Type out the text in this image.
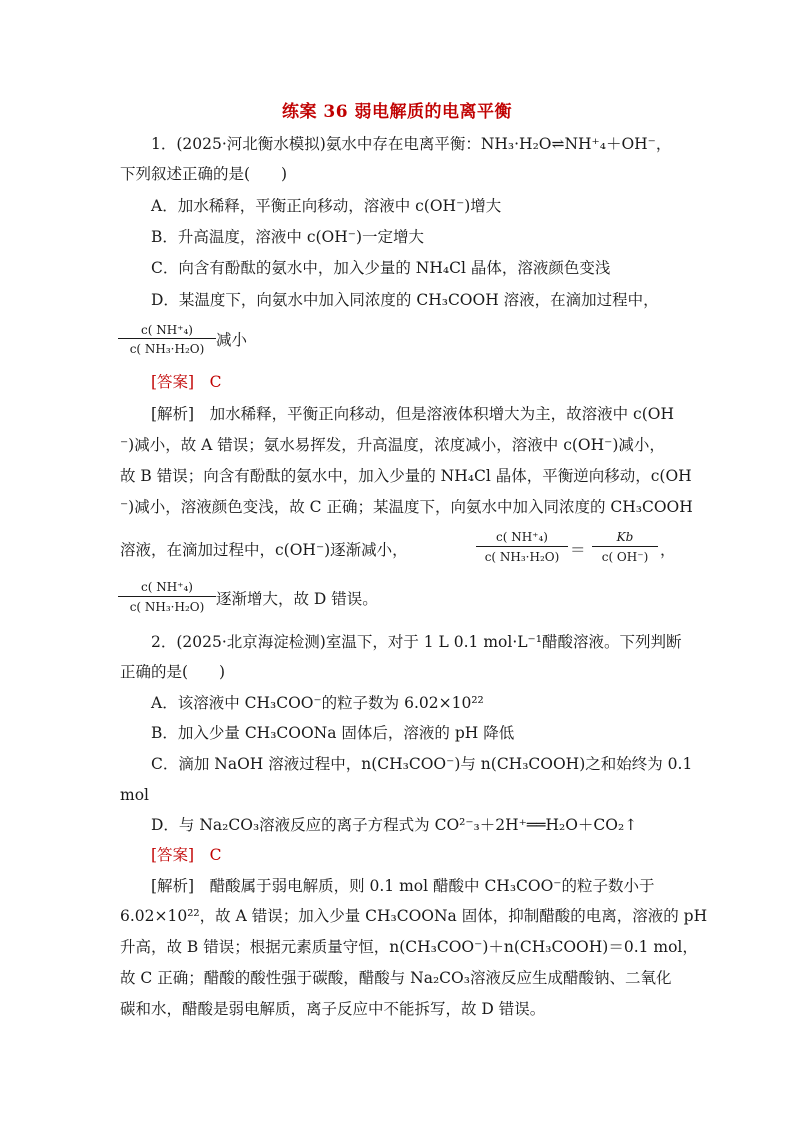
练案 36 弱电解质的电离平衡
1．(2025·河北衡水模拟)氨水中存在电离平衡：NH₃·H₂O⇌NH⁺₄＋OH⁻，
下列叙述正确的是(　　)
A．加水稀释，平衡正向移动，溶液中 c(OH⁻)增大
B．升高温度，溶液中 c(OH⁻)一定增大
C．向含有酚酞的氨水中，加入少量的 NH₄Cl 晶体，溶液颜色变浅
D．某温度下，向氨水中加入同浓度的 CH₃COOH 溶液，在滴加过程中，
c( NH⁺₄)
c( NH₃·H₂O) 减小
[答案]　C
[解析]　加水稀释，平衡正向移动，但是溶液体积增大为主，故溶液中 c(OH
⁻)减小，故 A 错误；氨水易挥发，升高温度，浓度减小，溶液中 c(OH⁻)减小，
故 B 错误；向含有酚酞的氨水中，加入少量的 NH₄Cl 晶体，平衡逆向移动，c(OH
⁻)减小，溶液颜色变浅，故 C 正确；某温度下，向氨水中加入同浓度的 CH₃COOH
溶液，在滴加过程中，c(OH⁻)逐渐减小，
c( NH⁺₄)
c( NH₃·H₂O) ＝
Kb
c( OH⁻) ，
c( NH⁺₄)
c( NH₃·H₂O) 逐渐增大，故 D 错误。
2．(2025·北京海淀检测)室温下，对于 1 L 0.1 mol·L⁻¹醋酸溶液。下列判断
正确的是(　　)
A．该溶液中 CH₃COO⁻的粒子数为 6.02×10²²
B．加入少量 CH₃COONa 固体后，溶液的 pH 降低
C．滴加 NaOH 溶液过程中，n(CH₃COO⁻)与 n(CH₃COOH)之和始终为 0.1
mol
D．与 Na₂CO₃溶液反应的离子方程式为 CO²⁻₃＋2H⁺══H₂O＋CO₂↑
[答案]　C
[解析]　醋酸属于弱电解质，则 0.1 mol 醋酸中 CH₃COO⁻的粒子数小于
6.02×10²²，故 A 错误；加入少量 CH₃COONa 固体，抑制醋酸的电离，溶液的 pH
升高，故 B 错误；根据元素质量守恒，n(CH₃COO⁻)＋n(CH₃COOH)＝0.1 mol，
故 C 正确；醋酸的酸性强于碳酸，醋酸与 Na₂CO₃溶液反应生成醋酸钠、二氧化
碳和水，醋酸是弱电解质，离子反应中不能拆写，故 D 错误。
